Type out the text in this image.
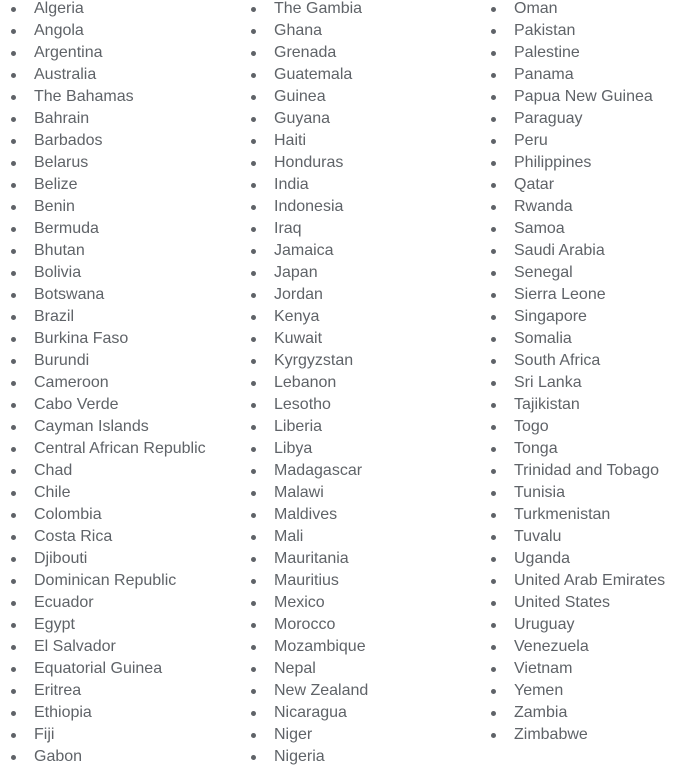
Algeria
Angola
Argentina
Australia
The Bahamas
Bahrain
Barbados
Belarus
Belize
Benin
Bermuda
Bhutan
Bolivia
Botswana
Brazil
Burkina Faso
Burundi
Cameroon
Cabo Verde
Cayman Islands
Central African Republic
Chad
Chile
Colombia
Costa Rica
Djibouti
Dominican Republic
Ecuador
Egypt
El Salvador
Equatorial Guinea
Eritrea
Ethiopia
Fiji
Gabon
The Gambia
Ghana
Grenada
Guatemala
Guinea
Guyana
Haiti
Honduras
India
Indonesia
Iraq
Jamaica
Japan
Jordan
Kenya
Kuwait
Kyrgyzstan
Lebanon
Lesotho
Liberia
Libya
Madagascar
Malawi
Maldives
Mali
Mauritania
Mauritius
Mexico
Morocco
Mozambique
Nepal
New Zealand
Nicaragua
Niger
Nigeria
Oman
Pakistan
Palestine
Panama
Papua New Guinea
Paraguay
Peru
Philippines
Qatar
Rwanda
Samoa
Saudi Arabia
Senegal
Sierra Leone
Singapore
Somalia
South Africa
Sri Lanka
Tajikistan
Togo
Tonga
Trinidad and Tobago
Tunisia
Turkmenistan
Tuvalu
Uganda
United Arab Emirates
United States
Uruguay
Venezuela
Vietnam
Yemen
Zambia
Zimbabwe
